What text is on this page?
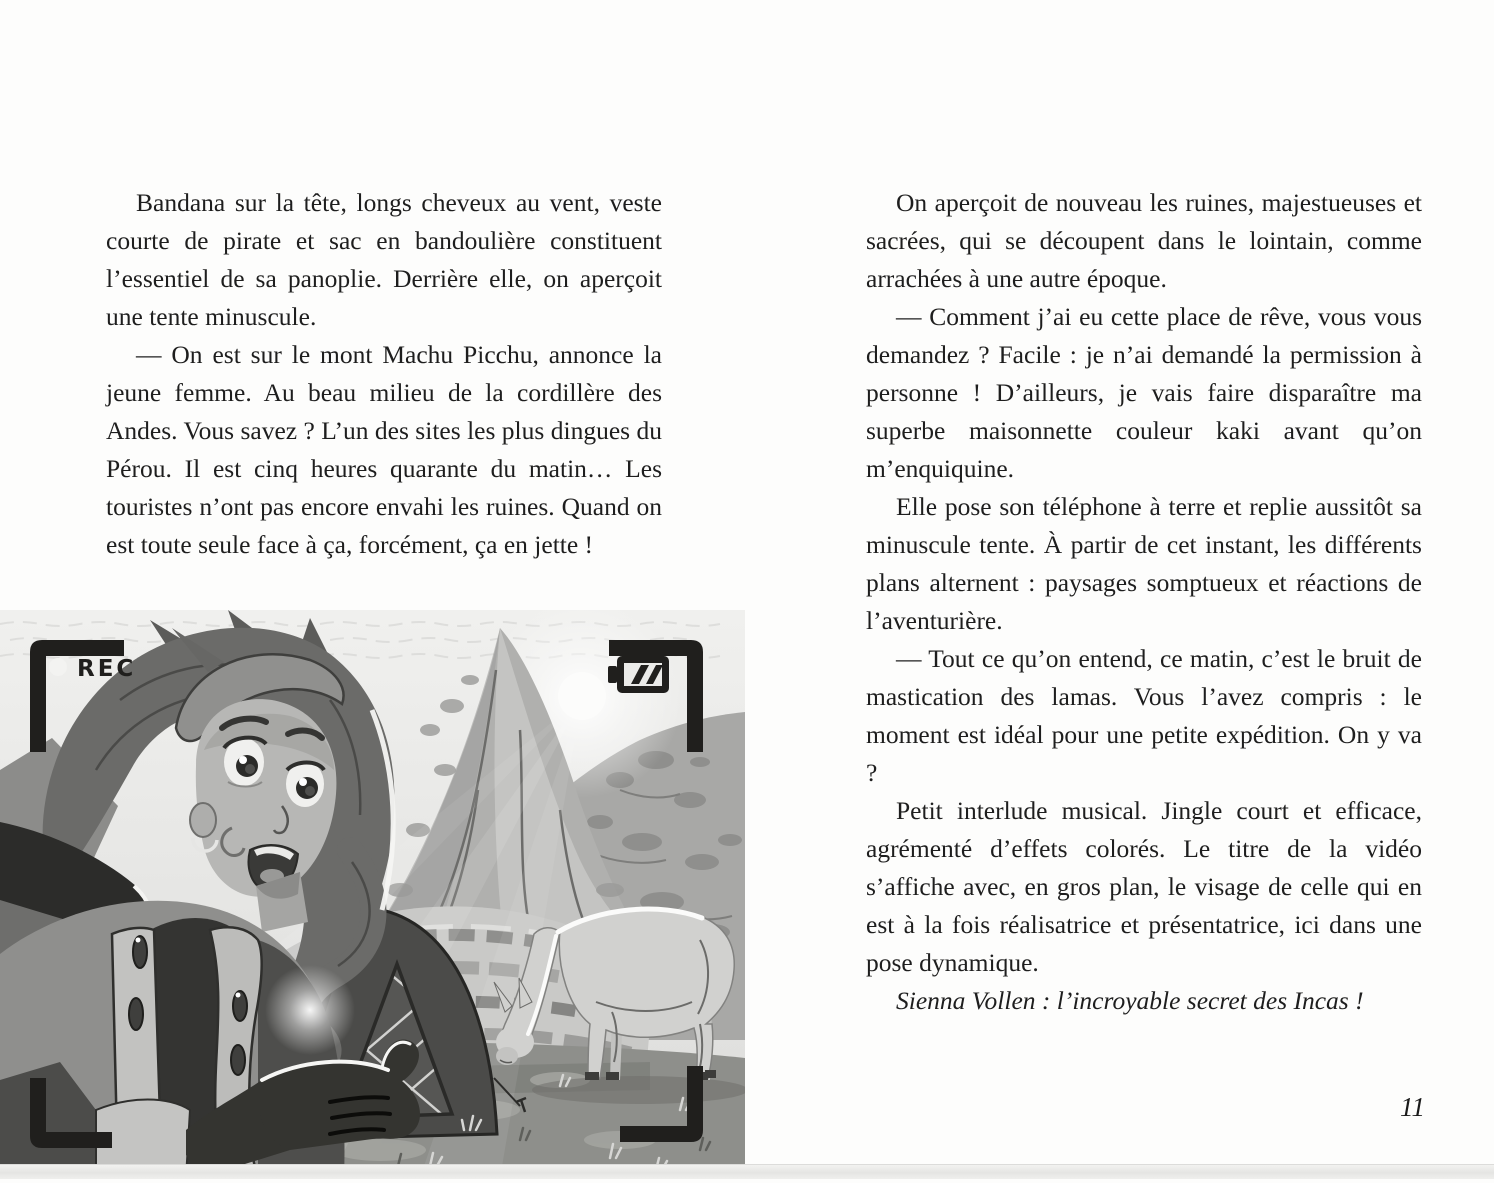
Bandana sur la tête, longs cheveux au vent, veste courte de pirate et sac en bandoulière constituent l’essentiel de sa panoplie. Derrière elle, on aperçoit une tente minuscule.

— On est sur le mont Machu Picchu, annonce la jeune femme. Au beau milieu de la cordillère des Andes. Vous savez ? L’un des sites les plus dingues du Pérou. Il est cinq heures quarante du matin… Les touristes n’ont pas encore envahi les ruines. Quand on est toute seule face à ça, forcément, ça en jette !

REC

On aperçoit de nouveau les ruines, majestueuses et sacrées, qui se découpent dans le lointain, comme arrachées à une autre époque.

— Comment j’ai eu cette place de rêve, vous vous demandez ? Facile : je n’ai demandé la permission à personne ! D’ailleurs, je vais faire disparaître ma superbe maisonnette couleur kaki avant qu’on m’enquiquine.

Elle pose son téléphone à terre et replie aussitôt sa minuscule tente. À partir de cet instant, les différents plans alternent : paysages somptueux et réactions de l’aventurière.

— Tout ce qu’on entend, ce matin, c’est le bruit de mastication des lamas. Vous l’avez compris : le moment est idéal pour une petite expédition. On y va ?

Petit interlude musical. Jingle court et efficace, agrémenté d’effets colorés. Le titre de la vidéo s’affiche avec, en gros plan, le visage de celle qui en est à la fois réalisatrice et présentatrice, ici dans une pose dynamique.

Sienna Vollen : l’incroyable secret des Incas !

11
